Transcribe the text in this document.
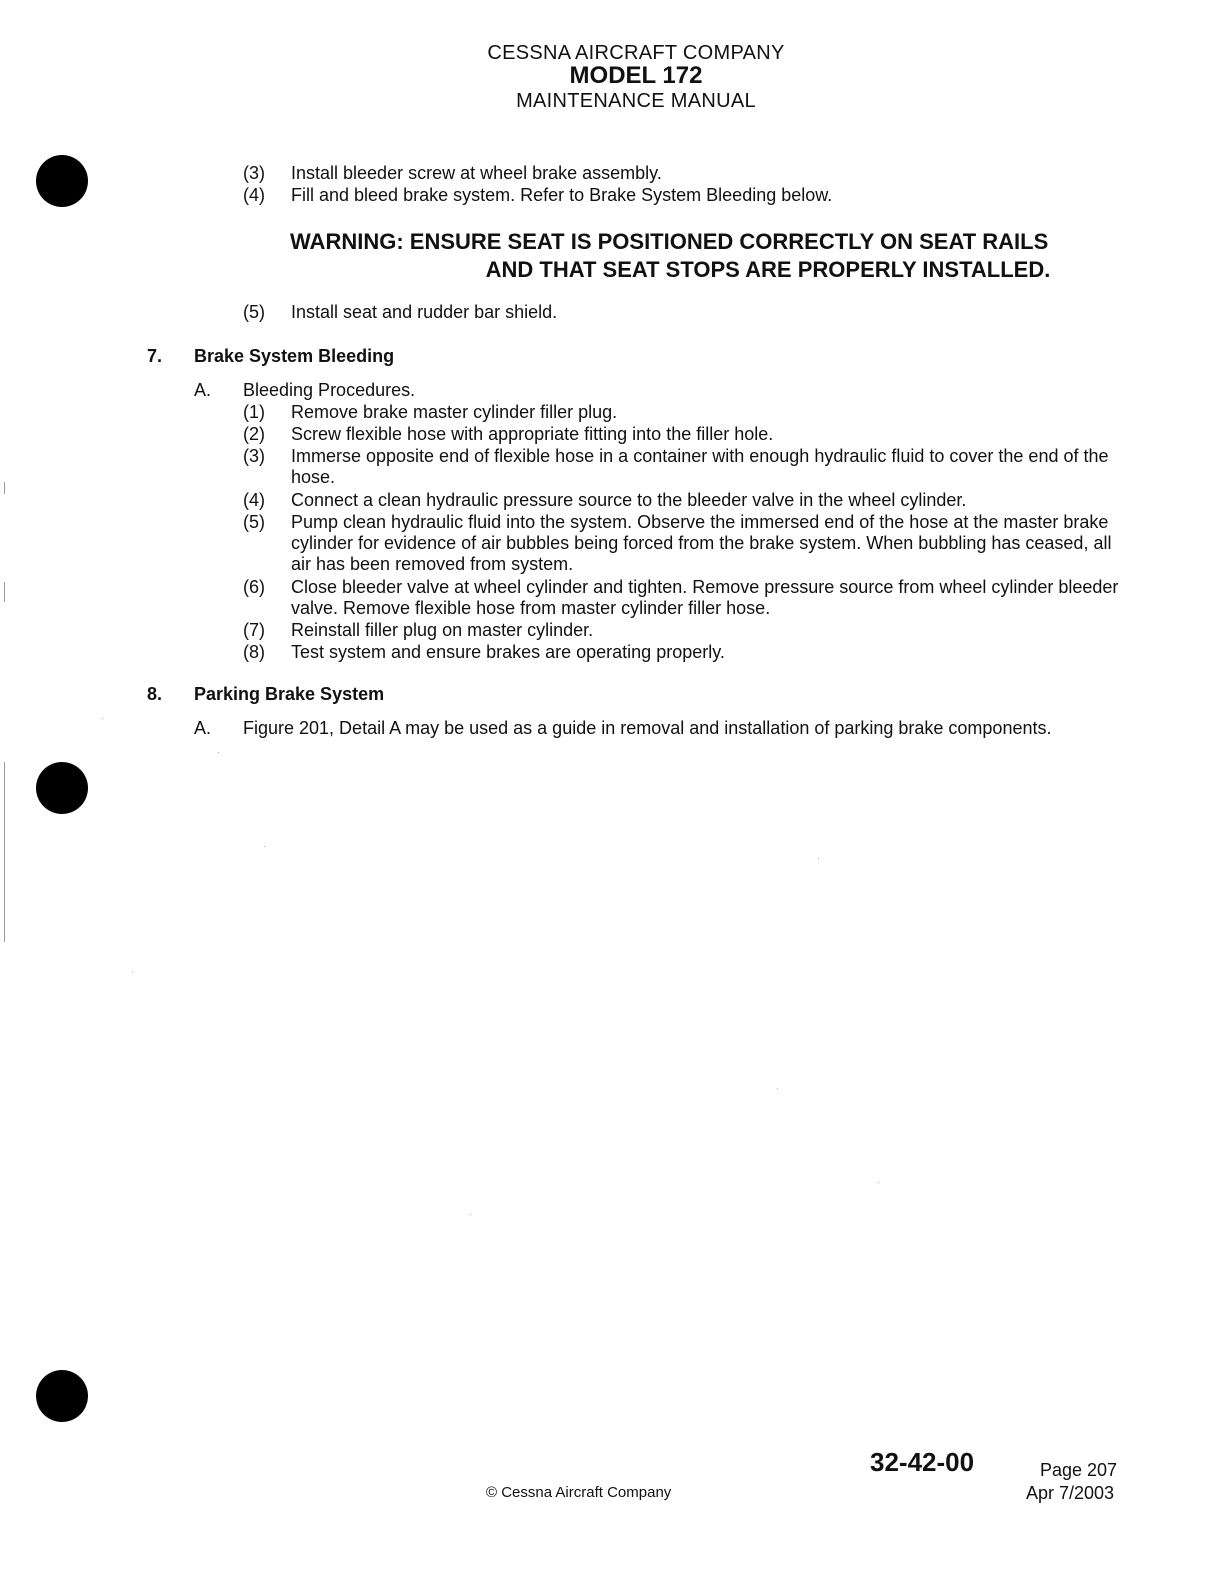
CESSNA AIRCRAFT COMPANY
MODEL 172
MAINTENANCE MANUAL
(3) Install bleeder screw at wheel brake assembly.
(4) Fill and bleed brake system. Refer to Brake System Bleeding below.
WARNING: ENSURE SEAT IS POSITIONED CORRECTLY ON SEAT RAILS
AND THAT SEAT STOPS ARE PROPERLY INSTALLED.
(5) Install seat and rudder bar shield.
7. Brake System Bleeding
A. Bleeding Procedures.
(1) Remove brake master cylinder filler plug.
(2) Screw flexible hose with appropriate fitting into the filler hole.
(3) Immerse opposite end of flexible hose in a container with enough hydraulic fluid to cover the end of the hose.
(4) Connect a clean hydraulic pressure source to the bleeder valve in the wheel cylinder.
(5) Pump clean hydraulic fluid into the system. Observe the immersed end of the hose at the master brake cylinder for evidence of air bubbles being forced from the brake system. When bubbling has ceased, all air has been removed from system.
(6) Close bleeder valve at wheel cylinder and tighten. Remove pressure source from wheel cylinder bleeder valve. Remove flexible hose from master cylinder filler hose.
(7) Reinstall filler plug on master cylinder.
(8) Test system and ensure brakes are operating properly.
8. Parking Brake System
A. Figure 201, Detail A may be used as a guide in removal and installation of parking brake components.
32-42-00	Page 207
Apr 7/2003
© Cessna Aircraft Company
